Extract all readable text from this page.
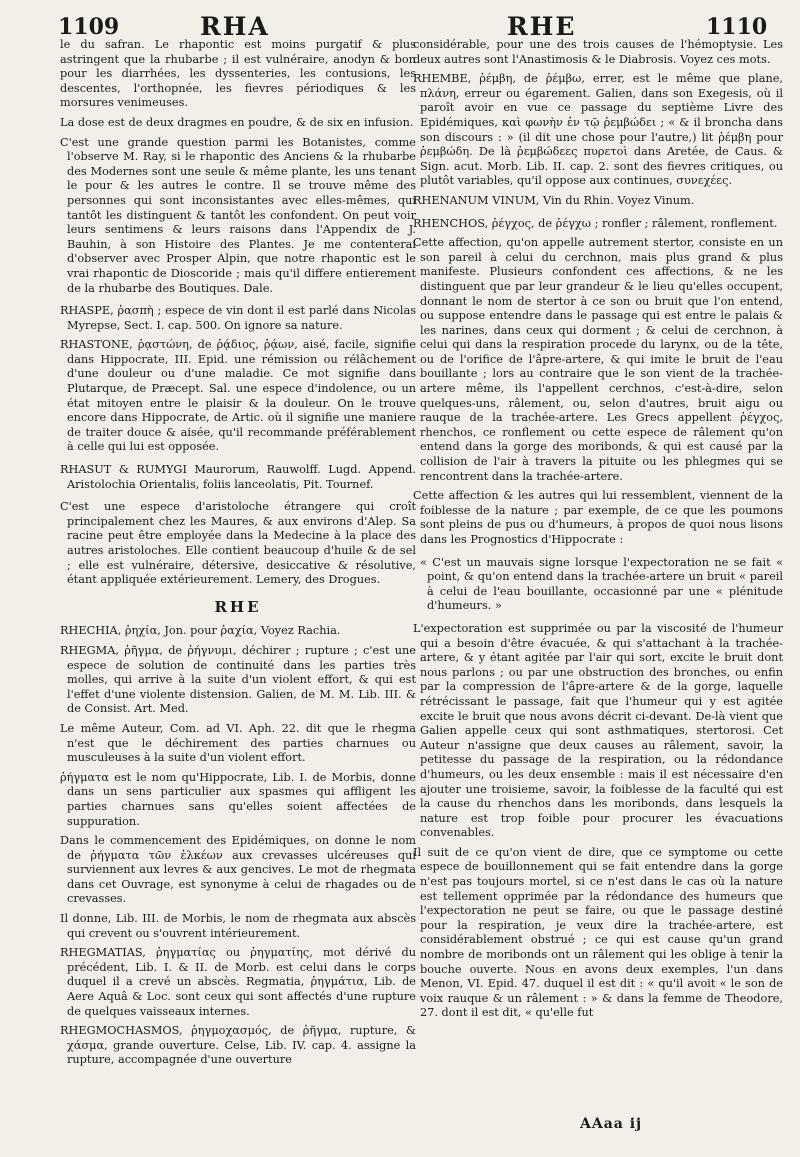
1109	RHA	RHE	1110

le du safran. Le rhapontic est moins purgatif & plus astringent que la rhubarbe ; il est vulnéraire, anodyn & bon pour les diarrhées, les dyssenteries, les contusions, les descentes, l'orthopnée, les fievres périodiques & les morsures venimeuses.

La dose est de deux dragmes en poudre, & de six en infusion.

C'est une grande question parmi les Botanistes, comme l'observe M. Ray, si le rhapontic des Anciens & la rhubarbe des Modernes sont une seule & même plante, les uns tenant le pour & les autres le contre. Il se trouve même des personnes qui sont inconsistantes avec elles-mêmes, qui tantôt les distinguent & tantôt les confondent. On peut voir leurs sentimens & leurs raisons dans l'Appendix de J. Bauhin, à son Histoire des Plantes. Je me contenterai d'observer avec Prosper Alpin, que notre rhapontic est le vrai rhapontic de Dioscoride ; mais qu'il differe entierement de la rhubarbe des Boutiques. Dale.

RHASPE, ῥασπὴ ; espece de vin dont il est parlé dans Nicolas Myrepse, Sect. I. cap. 500. On ignore sa nature.

RHASTONE, ῥᾳστώνη, de ῥᾴδιος, ῥᾴων, aisé, facile, signifie dans Hippocrate, III. Epid. une rémission ou rélâchement d'une douleur ou d'une maladie. Ce mot signifie dans Plutarque, de Præcept. Sal. une espece d'indolence, ou un état mitoyen entre le plaisir & la douleur. On le trouve encore dans Hippocrate, de Artic. où il signifie une maniere de traiter douce & aisée, qu'il recommande préférablement à celle qui lui est opposée.

RHASUT & RUMYGI Maurorum, Rauwolff. Lugd. Append. Aristolochia Orientalis, foliis lanceolatis, Pit. Tournef.

C'est une espece d'aristoloche étrangere qui croît principalement chez les Maures, & aux environs d'Alep. Sa racine peut être employée dans la Medecine à la place des autres aristoloches. Elle contient beaucoup d'huile & de sel ; elle est vulnéraire, détersive, desiccative & résolutive, étant appliquée extérieurement. Lemery, des Drogues.

RHE

RHECHIA, ῥηχία, Jon. pour ῥαχία, Voyez Rachia.

RHEGMA, ῥῆγμα, de ῥήγνυμι, déchirer ; rupture ; c'est une espece de solution de continuité dans les parties très molles, qui arrive à la suite d'un violent effort, & qui est l'effet d'une violente distension. Galien, de M. M. Lib. III. & de Consist. Art. Med.

Le même Auteur, Com. ad VI. Aph. 22. dit que le rhegma n'est que le déchirement des parties charnues ou musculeuses à la suite d'un violent effort.

ῥήγματα est le nom qu'Hippocrate, Lib. I. de Morbis, donne dans un sens particulier aux spasmes qui affligent les parties charnues sans qu'elles soient affectées de suppuration.

Dans le commencement des Epidémiques, on donne le nom de ῥήγματα τῶν ἑλκέων aux crevasses ulcéreuses qui surviennent aux levres & aux gencives. Le mot de rhegmata dans cet Ouvrage, est synonyme à celui de rhagades ou de crevasses.

Il donne, Lib. III. de Morbis, le nom de rhegmata aux abscès qui crevent ou s'ouvrent intérieurement.

RHEGMATIAS, ῥηγματίας ou ῥηγματίης, mot dérivé du précédent, Lib. I. & II. de Morb. est celui dans le corps duquel il a crevé un abscès. Regmatia, ῥηγμάτια, Lib. de Aere Aquâ & Loc. sont ceux qui sont affectés d'une rupture de quelques vaisseaux internes.

RHEGMOCHASMOS, ῥηγμοχασμός, de ῥῆγμα, rupture, & χάσμα, grande ouverture. Celse, Lib. IV. cap. 4. assigne la rupture, accompagnée d'une ouverture

considérable, pour une des trois causes de l'hémoptysie. Les deux autres sont l'Anastimosis & le Diabrosis. Voyez ces mots.

RHEMBE, ῥέμβη, de ῥέμβω, errer, est le même que plane, πλάνη, erreur ou égarement. Galien, dans son Exegesis, où il paroît avoir en vue ce passage du septième Livre des Epidémiques, καὶ φωνὴν ἐν τῷ ῥεμβώδει ; « & il broncha dans son discours : » (il dit une chose pour l'autre,) lit ῥέμβη pour ῥεμβώδη. De là ῥεμβώδεες πυρετοὶ dans Aretée, de Caus. & Sign. acut. Morb. Lib. II. cap. 2. sont des fievres critiques, ou plutôt variables, qu'il oppose aux continues, συνεχέες.

RHENANUM VINUM, Vin du Rhin. Voyez Vinum.

RHENCHOS, ῥέγχος, de ῥέγχω ; ronfler ; râlement, ronflement.

Cette affection, qu'on appelle autrement stertor, consiste en un son pareil à celui du cerchnon, mais plus grand & plus manifeste. Plusieurs confondent ces affections, & ne les distinguent que par leur grandeur & le lieu qu'elles occupent, donnant le nom de stertor à ce son ou bruit que l'on entend, ou suppose entendre dans le passage qui est entre le palais & les narines, dans ceux qui dorment ; & celui de cerchnon, à celui qui dans la respiration procede du larynx, ou de la tête, ou de l'orifice de l'âpre-artere, & qui imite le bruit de l'eau bouillante ; lors au contraire que le son vient de la trachée-artere même, ils l'appellent cerchnos, c'est-à-dire, selon quelques-uns, râlement, ou, selon d'autres, bruit aigu ou rauque de la trachée-artere. Les Grecs appellent ῥέγχος, rhenchos, ce ronflement ou cette espece de râlement qu'on entend dans la gorge des moribonds, & qui est causé par la collision de l'air à travers la pituite ou les phlegmes qui se rencontrent dans la trachée-artere.

Cette affection & les autres qui lui ressemblent, viennent de la foiblesse de la nature ; par exemple, de ce que les poumons sont pleins de pus ou d'humeurs, à propos de quoi nous lisons dans les Prognostics d'Hippocrate :

« C'est un mauvais signe lorsque l'expectoration ne se fait « point, & qu'on entend dans la trachée-artere un bruit « pareil à celui de l'eau bouillante, occasionné par une « plénitude d'humeurs. »

L'expectoration est supprimée ou par la viscosité de l'humeur qui a besoin d'être évacuée, & qui s'attachant à la trachée-artere, & y étant agitée par l'air qui sort, excite le bruit dont nous parlons ; ou par une obstruction des bronches, ou enfin par la compression de l'âpre-artere & de la gorge, laquelle rétrécissant le passage, fait que l'humeur qui y est agitée excite le bruit que nous avons décrit ci-devant. De-là vient que Galien appelle ceux qui sont asthmatiques, stertorosi. Cet Auteur n'assigne que deux causes au râlement, savoir, la petitesse du passage de la respiration, ou la rédondance d'humeurs, ou les deux ensemble : mais il est nécessaire d'en ajouter une troisieme, savoir, la foiblesse de la faculté qui est la cause du rhenchos dans les moribonds, dans lesquels la nature est trop foible pour procurer les évacuations convenables.

Il suit de ce qu'on vient de dire, que ce symptome ou cette espece de bouillonnement qui se fait entendre dans la gorge n'est pas toujours mortel, si ce n'est dans le cas où la nature est tellement opprimée par la rédondance des humeurs que l'expectoration ne peut se faire, ou que le passage destiné pour la respiration, je veux dire la trachée-artere, est considérablement obstrué ; ce qui est cause qu'un grand nombre de moribonds ont un râlement qui les oblige à tenir la bouche ouverte. Nous en avons deux exemples, l'un dans Menon, VI. Epid. 47. duquel il est dit : « qu'il avoit « le son de voix rauque & un râlement : » & dans la femme de Theodore, 27. dont il est dit, « qu'elle fut

AAaa ij
